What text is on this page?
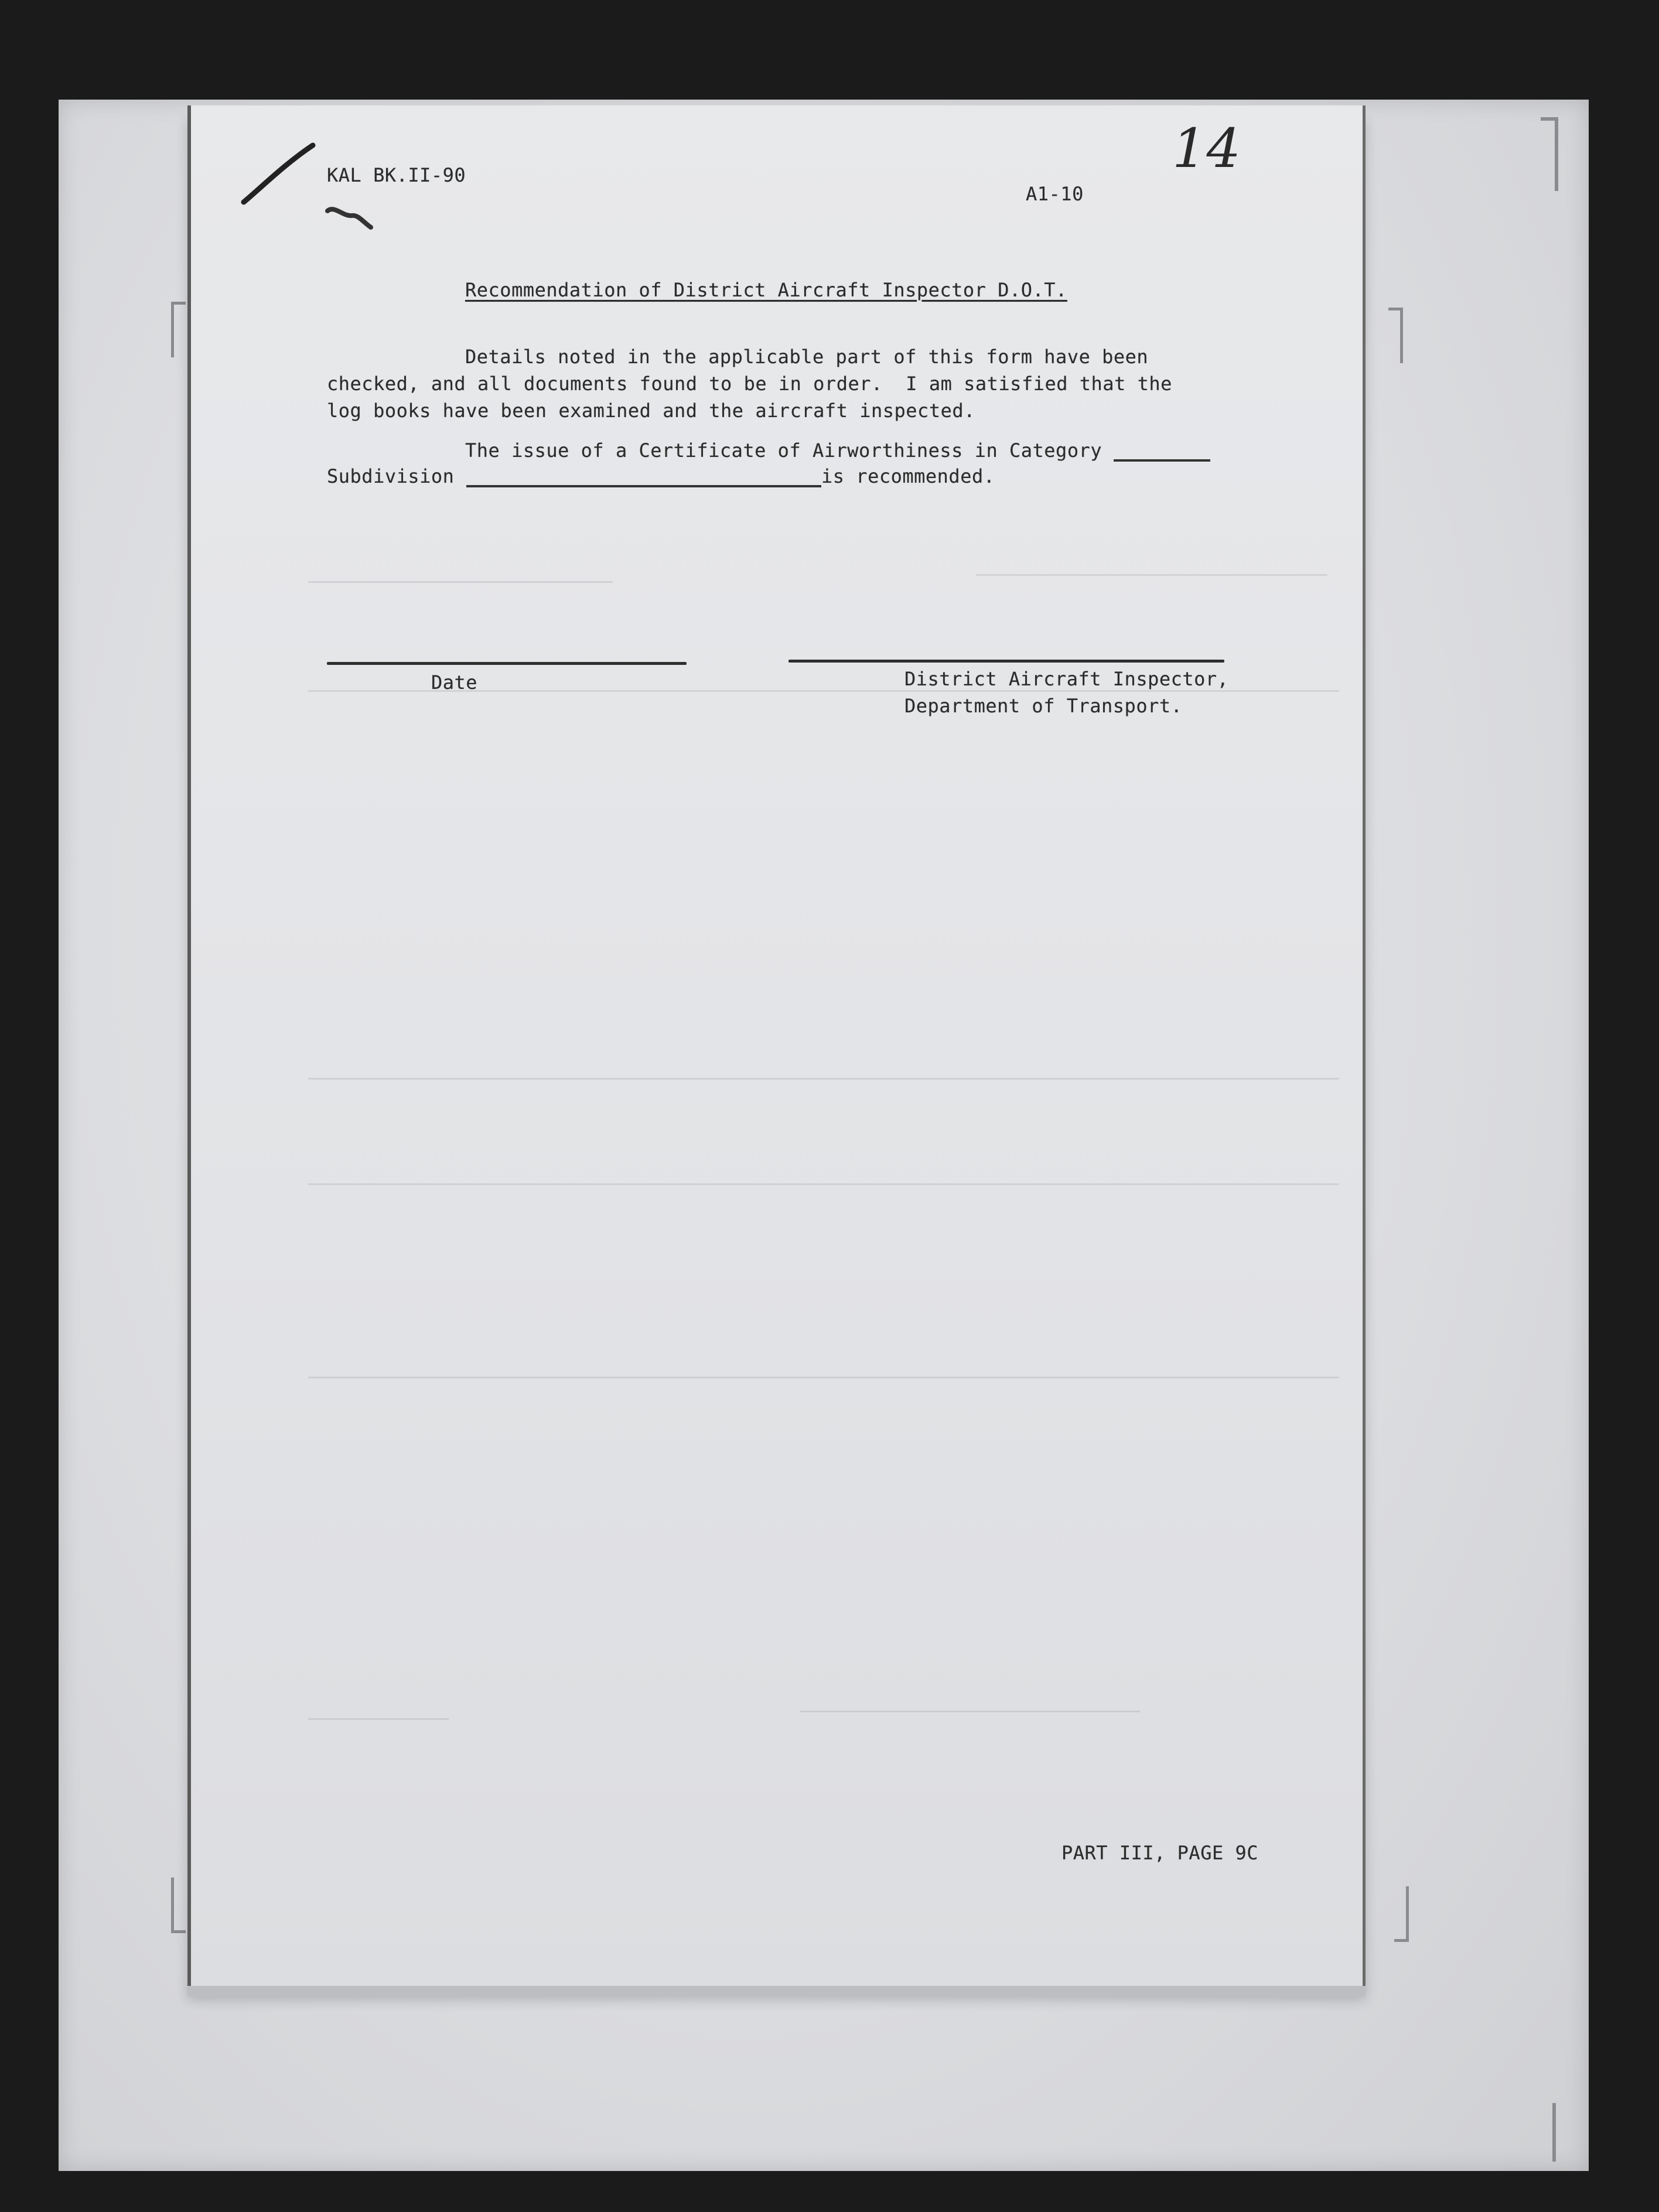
KAL BK.II-90	14
A1-10
Recommendation of District Aircraft Inspector D.O.T.
Details noted in the applicable part of this form have been
checked, and all documents found to be in order.  I am satisfied that the
log books have been examined and the aircraft inspected.
The issue of a Certificate of Airworthiness in Category
Subdivision	is recommended.
Date	District Aircraft Inspector,
Department of Transport.
PART III, PAGE 9C
